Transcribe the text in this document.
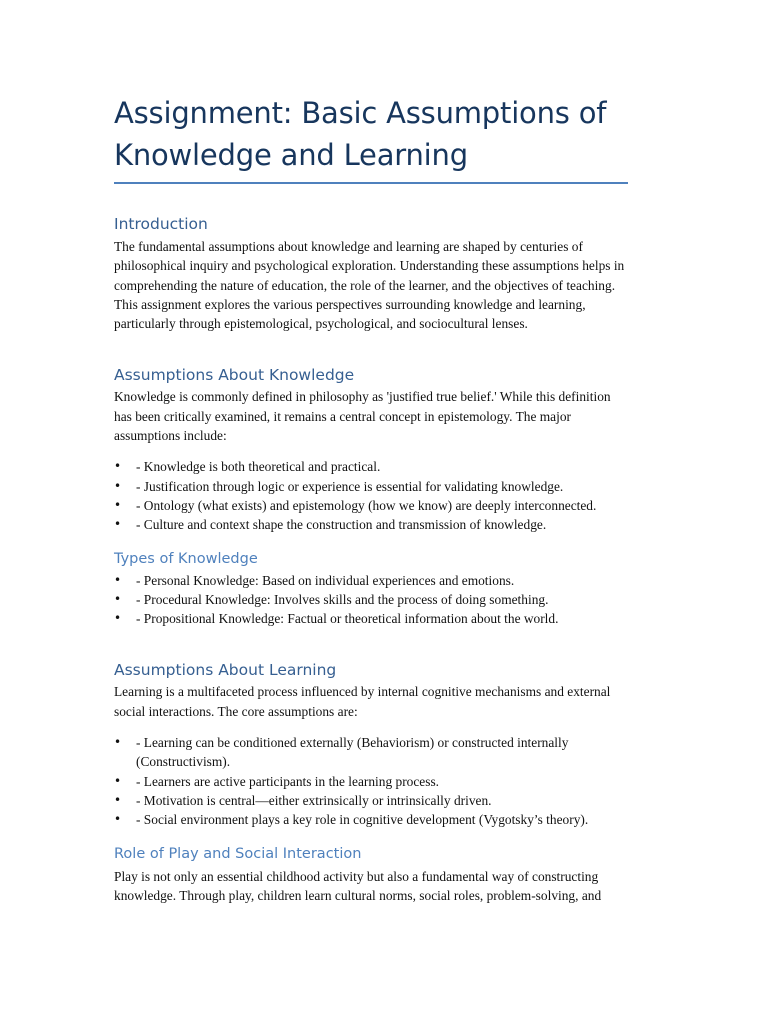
Assignment: Basic Assumptions of Knowledge and Learning
Introduction

The fundamental assumptions about knowledge and learning are shaped by centuries of philosophical inquiry and psychological exploration. Understanding these assumptions helps in comprehending the nature of education, the role of the learner, and the objectives of teaching. This assignment explores the various perspectives surrounding knowledge and learning, particularly through epistemological, psychological, and sociocultural lenses.

Assumptions About Knowledge

Knowledge is commonly defined in philosophy as 'justified true belief.' While this definition has been critically examined, it remains a central concept in epistemology. The major assumptions include:

• - Knowledge is both theoretical and practical.
• - Justification through logic or experience is essential for validating knowledge.
• - Ontology (what exists) and epistemology (how we know) are deeply interconnected.
• - Culture and context shape the construction and transmission of knowledge.
Types of Knowledge
• - Personal Knowledge: Based on individual experiences and emotions.
• - Procedural Knowledge: Involves skills and the process of doing something.
• - Propositional Knowledge: Factual or theoretical information about the world.
Assumptions About Learning

Learning is a multifaceted process influenced by internal cognitive mechanisms and external social interactions. The core assumptions are:

• - Learning can be conditioned externally (Behaviorism) or constructed internally (Constructivism).
• - Learners are active participants in the learning process.
• - Motivation is central—either extrinsically or intrinsically driven.
• - Social environment plays a key role in cognitive development (Vygotsky’s theory).
Role of Play and Social Interaction

Play is not only an essential childhood activity but also a fundamental way of constructing knowledge. Through play, children learn cultural norms, social roles, problem-solving, and
